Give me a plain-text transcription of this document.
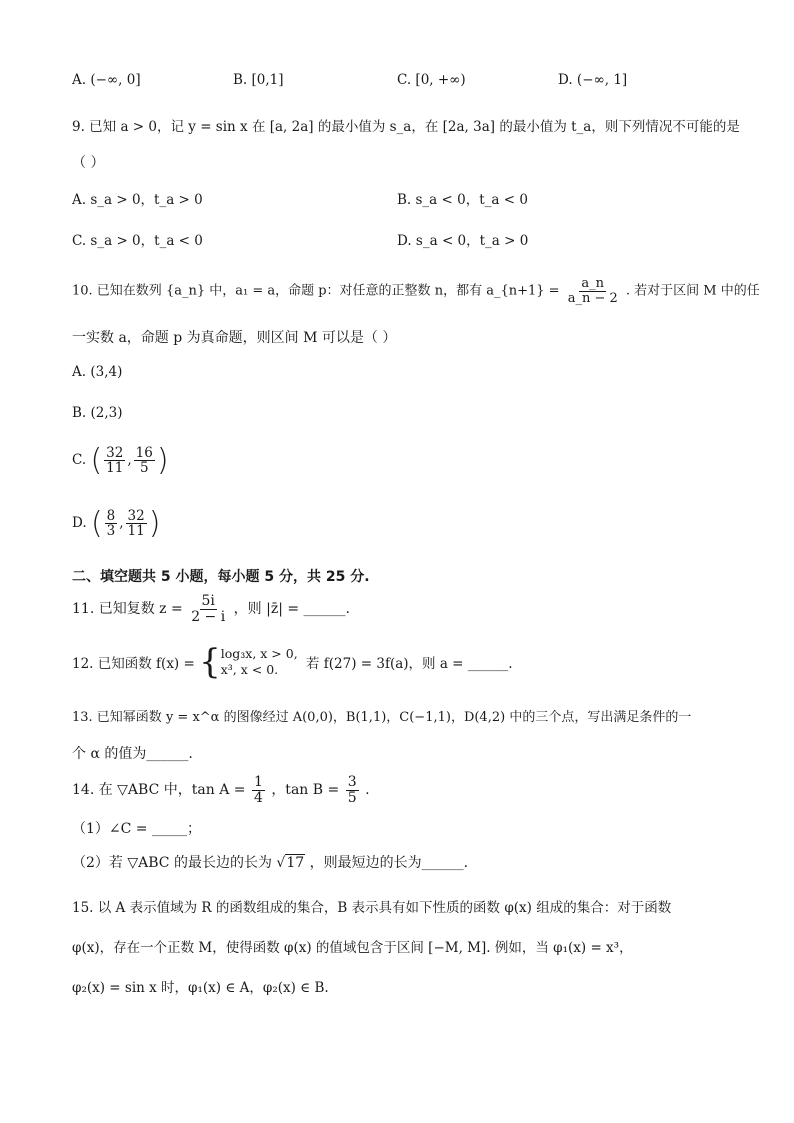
A. (−∞, 0]	B. [0,1]	C. [0, +∞)	D. (−∞, 1]
9. 已知 a > 0，记 y = sin x 在 [a, 2a] 的最小值为 s_a，在 [2a, 3a] 的最小值为 t_a，则下列情况不可能的是
（ ）
A. s_a > 0，t_a > 0	B. s_a < 0，t_a < 0
C. s_a > 0，t_a < 0	D. s_a < 0，t_a > 0
10. 已知在数列 {a_n} 中，a₁ = a，命题 p：对任意的正整数 n，都有 a_{n+1} = $\frac{a\_n}{a\_n - 2}$ . 若对于区间 M 中的任
一实数 a，命题 p 为真命题，则区间 M 可以是（ ）
A. (3,4)
B. (2,3)
C. ( $\frac{32}{11}$ , $\frac{16}{5}$ )
D. ( $\frac{8}{3}$ , $\frac{32}{11}$ )
二、填空题共 5 小题，每小题 5 分，共 25 分.
11. 已知复数 $z = \frac{5i}{2 - i}$ ，则 |z̄| = ______.
12. 已知函数 f(x) = { log₃x, x > 0,
x³, x < 0.	若 f(27) = 3f(a)，则 a = ______.
13. 已知幂函数 y = x^α 的图像经过 A(0,0)，B(1,1)，C(−1,1)，D(4,2) 中的三个点，写出满足条件的一
个 α 的值为______.
14. 在 ▽ABC 中，$\tan A = \frac{1}{4}$ ，$\tan B = \frac{3}{5}$ .
（1）∠C = _____；
（2）若 ▽ABC 的最长边的长为 √17 ，则最短边的长为______.
15. 以 A 表示值域为 R 的函数组成的集合，B 表示具有如下性质的函数 φ(x) 组成的集合：对于函数
φ(x)，存在一个正数 M，使得函数 φ(x) 的值域包含于区间 [−M, M]. 例如，当 φ₁(x) = x³，
φ₂(x) = sin x 时，φ₁(x) ∈ A，φ₂(x) ∈ B.
